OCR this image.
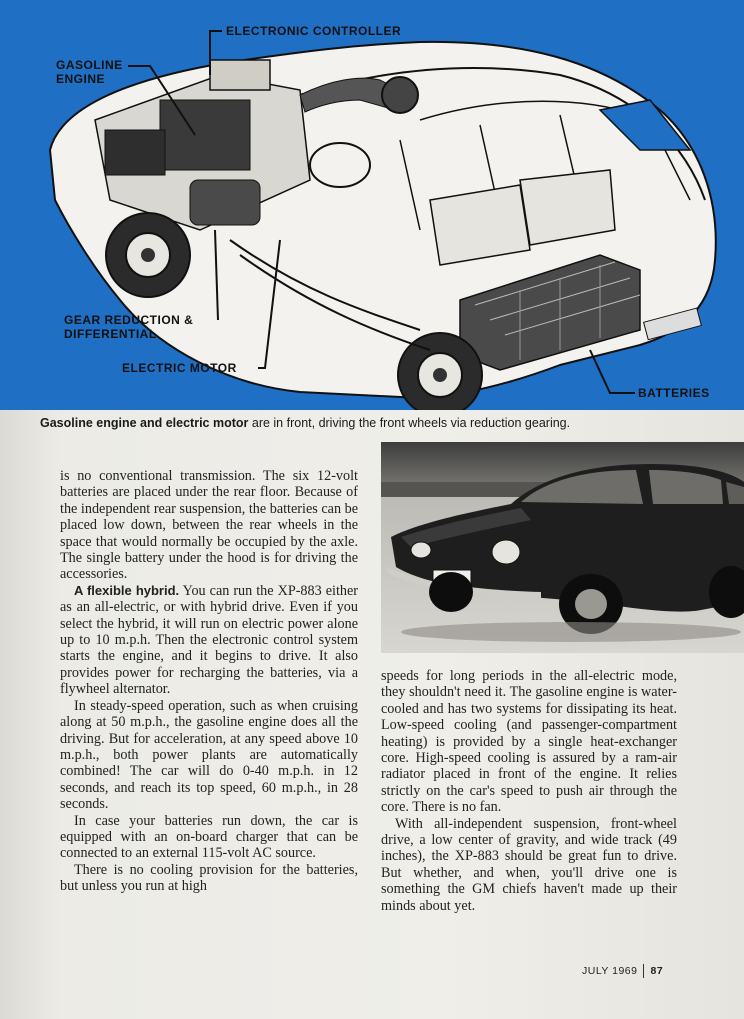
ELECTRONIC CONTROLLER
GASOLINE ENGINE
GEAR REDUCTION & DIFFERENTIAL
ELECTRIC MOTOR
BATTERIES
Gasoline engine and electric motor are in front, driving the front wheels via reduction gearing.

is no conventional transmission. The six 12-volt batteries are placed under the rear floor. Because of the independent rear suspension, the batteries can be placed low down, between the rear wheels in the space that would normally be occupied by the axle. The single battery under the hood is for driving the accessories.

A flexible hybrid. You can run the XP-883 either as an all-electric, or with hybrid drive. Even if you select the hybrid, it will run on electric power alone up to 10 m.p.h. Then the electronic control system starts the engine, and it begins to drive. It also provides power for recharging the batteries, via a flywheel alternator.

In steady-speed operation, such as when cruising along at 50 m.p.h., the gasoline engine does all the driving. But for acceleration, at any speed above 10 m.p.h., both power plants are automatically combined! The car will do 0-40 m.p.h. in 12 seconds, and reach its top speed, 60 m.p.h., in 28 seconds.

In case your batteries run down, the car is equipped with an on-board charger that can be connected to an external 115-volt AC source.

There is no cooling provision for the batteries, but unless you run at high

speeds for long periods in the all-electric mode, they shouldn't need it. The gasoline engine is water-cooled and has two systems for dissipating its heat. Low-speed cooling (and passenger-compartment heating) is provided by a single heat-exchanger core. High-speed cooling is assured by a ram-air radiator placed in front of the engine. It relies strictly on the car's speed to push air through the core. There is no fan.

With all-independent suspension, front-wheel drive, a low center of gravity, and wide track (49 inches), the XP-883 should be great fun to drive. But whether, and when, you'll drive one is something the GM chiefs haven't made up their minds about yet.

JULY 1969 87
